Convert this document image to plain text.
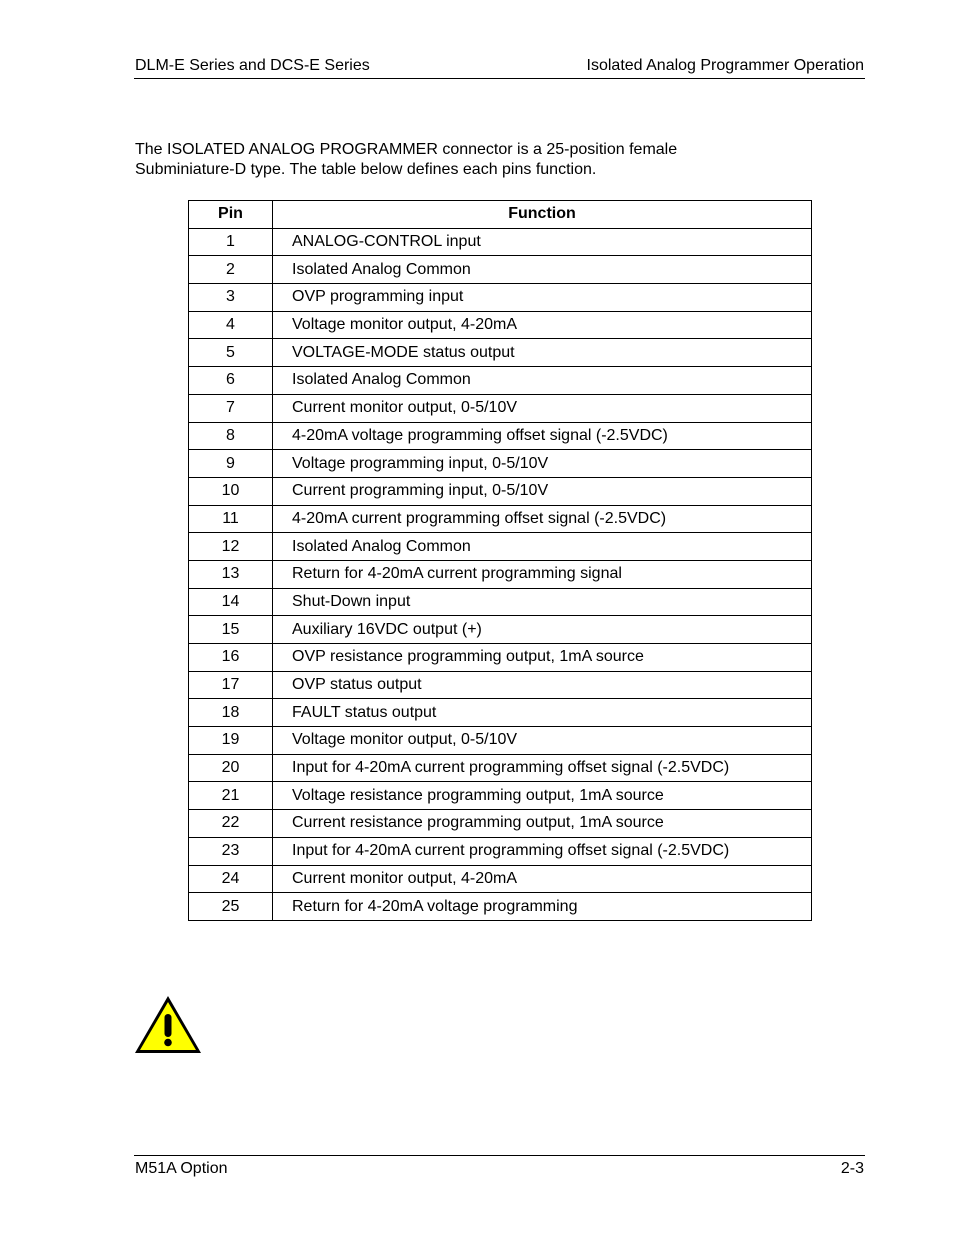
DLM-E Series and DCS-E Series	Isolated Analog Programmer Operation

The ISOLATED ANALOG PROGRAMMER connector is a 25-position female

Subminiature-D type. The table below defines each pins function.

Pin	Function
1	ANALOG-CONTROL input
2	Isolated Analog Common
3	OVP programming input
4	Voltage monitor output, 4-20mA
5	VOLTAGE-MODE status output
6	Isolated Analog Common
7	Current monitor output, 0-5/10V
8	4-20mA voltage programming offset signal (-2.5VDC)
9	Voltage programming input, 0-5/10V
10	Current programming input, 0-5/10V
11	4-20mA current programming offset signal (-2.5VDC)
12	Isolated Analog Common
13	Return for 4-20mA current programming signal
14	Shut-Down input
15	Auxiliary 16VDC output (+)
16	OVP resistance programming output, 1mA source
17	OVP status output
18	FAULT status output
19	Voltage monitor output, 0-5/10V
20	Input for 4-20mA current programming offset signal (-2.5VDC)
21	Voltage resistance programming output, 1mA source
22	Current resistance programming output, 1mA source
23	Input for 4-20mA current programming offset signal (-2.5VDC)
24	Current monitor output, 4-20mA
25	Return for 4-20mA voltage programming
M51A Option	2-3
